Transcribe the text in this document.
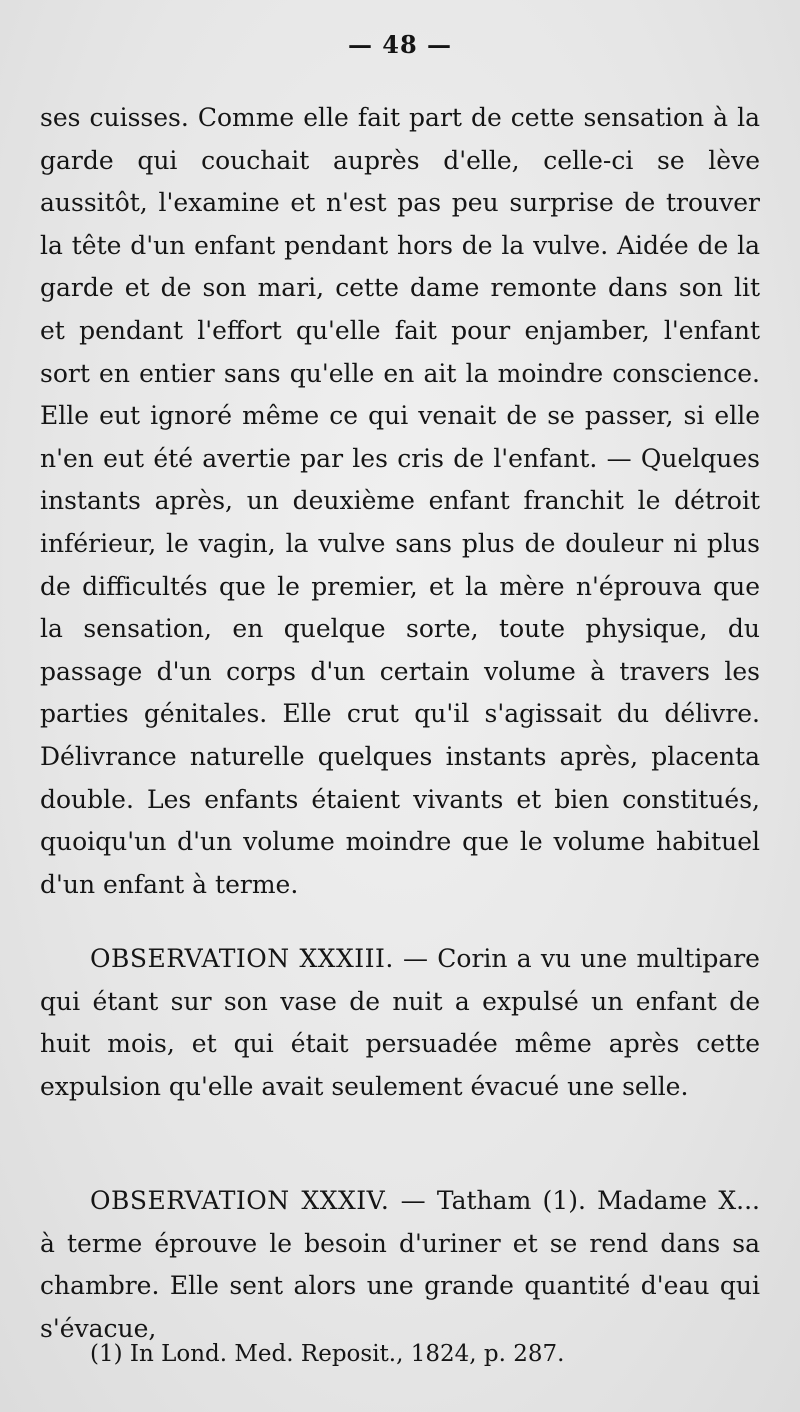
— 48 —

ses cuisses. Comme elle fait part de cette sensation à la garde qui couchait auprès d'elle, celle-ci se lève aussitôt, l'examine et n'est pas peu surprise de trouver la tête d'un enfant pendant hors de la vulve. Aidée de la garde et de son mari, cette dame remonte dans son lit et pendant l'effort qu'elle fait pour enjamber, l'enfant sort en entier sans qu'elle en ait la moindre conscience. Elle eut ignoré même ce qui venait de se passer, si elle n'en eut été avertie par les cris de l'enfant. — Quelques instants après, un deuxième enfant franchit le détroit inférieur, le vagin, la vulve sans plus de douleur ni plus de difficultés que le premier, et la mère n'éprouva que la sensation, en quelque sorte, toute physique, du passage d'un corps d'un certain volume à travers les parties génitales. Elle crut qu'il s'agissait du délivre. Délivrance naturelle quelques instants après, placenta double. Les enfants étaient vivants et bien constitués, quoiqu'un d'un volume moindre que le volume habituel d'un enfant à terme.

OBSERVATION XXXIII. — Corin a vu une multipare qui étant sur son vase de nuit a expulsé un enfant de huit mois, et qui était persuadée même après cette expulsion qu'elle avait seulement évacué une selle.

OBSERVATION XXXIV. — Tatham (1). Madame X... à terme éprouve le besoin d'uriner et se rend dans sa chambre. Elle sent alors une grande quantité d'eau qui s'évacue,

(1) In Lond. Med. Reposit., 1824, p. 287.
